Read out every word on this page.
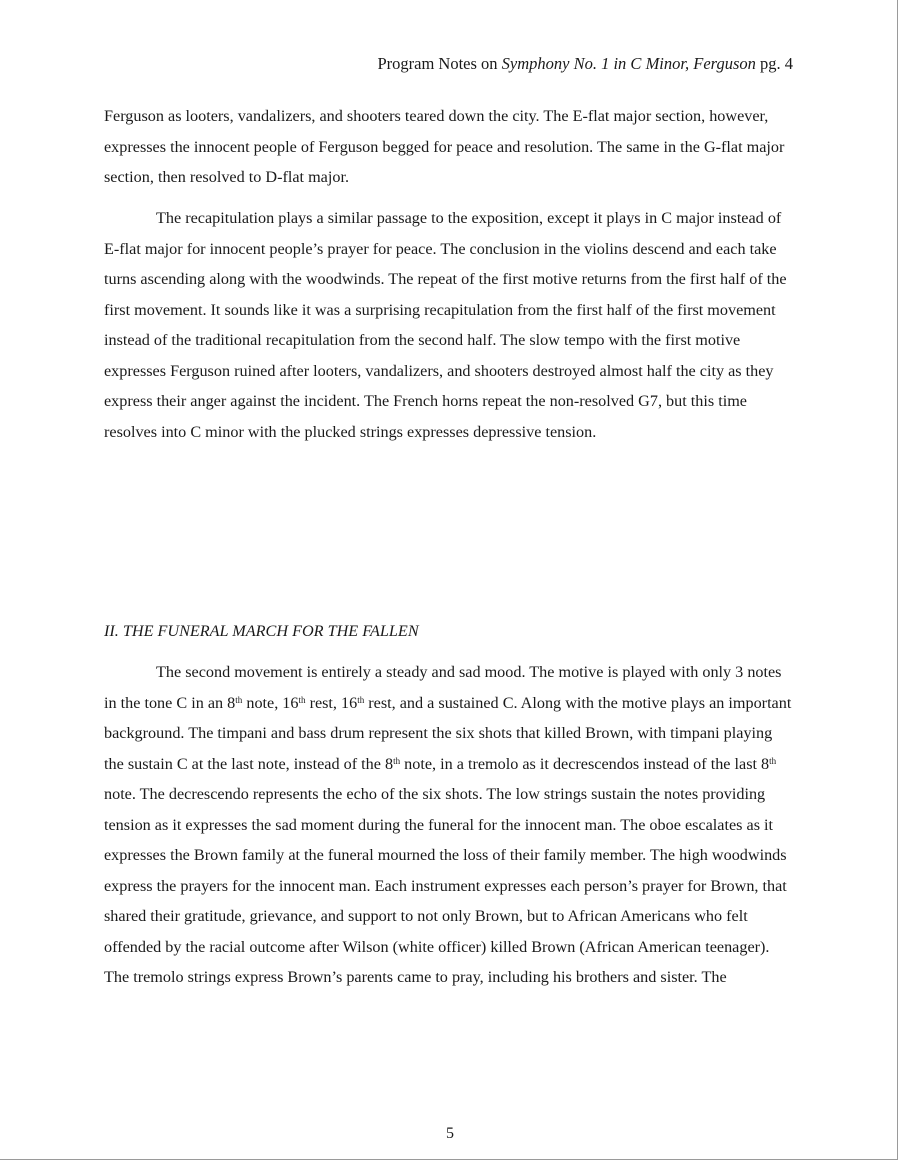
Program Notes on Symphony No. 1 in C Minor, Ferguson pg. 4

Ferguson as looters, vandalizers, and shooters teared down the city. The E-flat major section, however, expresses the innocent people of Ferguson begged for peace and resolution. The same in the G-flat major section, then resolved to D-flat major.

The recapitulation plays a similar passage to the exposition, except it plays in C major instead of E-flat major for innocent people’s prayer for peace. The conclusion in the violins descend and each take turns ascending along with the woodwinds. The repeat of the first motive returns from the first half of the first movement. It sounds like it was a surprising recapitulation from the first half of the first movement instead of the traditional recapitulation from the second half. The slow tempo with the first motive expresses Ferguson ruined after looters, vandalizers, and shooters destroyed almost half the city as they express their anger against the incident. The French horns repeat the non-resolved G7, but this time resolves into C minor with the plucked strings expresses depressive tension.

II. THE FUNERAL MARCH FOR THE FALLEN

The second movement is entirely a steady and sad mood. The motive is played with only 3 notes in the tone C in an 8th note, 16th rest, 16th rest, and a sustained C. Along with the motive plays an important background. The timpani and bass drum represent the six shots that killed Brown, with timpani playing the sustain C at the last note, instead of the 8th note, in a tremolo as it decrescendos instead of the last 8th note. The decrescendo represents the echo of the six shots. The low strings sustain the notes providing tension as it expresses the sad moment during the funeral for the innocent man. The oboe escalates as it expresses the Brown family at the funeral mourned the loss of their family member. The high woodwinds express the prayers for the innocent man. Each instrument expresses each person’s prayer for Brown, that shared their gratitude, grievance, and support to not only Brown, but to African Americans who felt offended by the racial outcome after Wilson (white officer) killed Brown (African American teenager). The tremolo strings express Brown’s parents came to pray, including his brothers and sister. The

5
